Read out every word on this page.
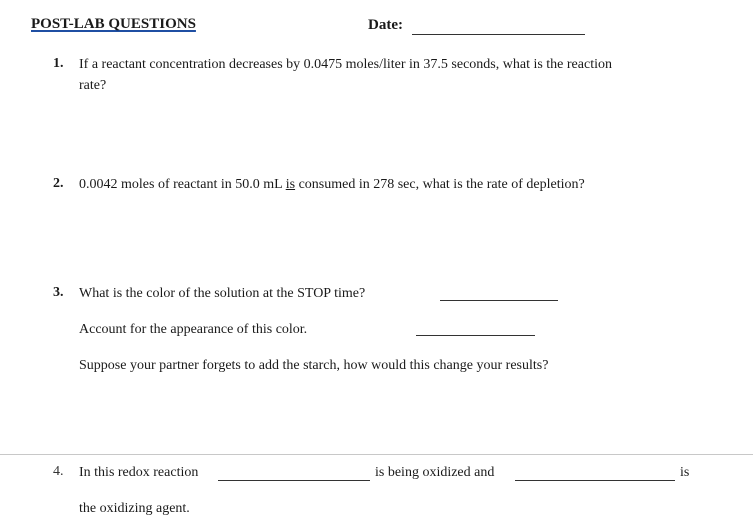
POST-LAB QUESTIONS	Date:
1. If a reactant concentration decreases by 0.0475 moles/liter in 37.5 seconds, what is the reaction
rate?
2. 0.0042 moles of reactant in 50.0 mL is consumed in 278 sec, what is the rate of depletion?
3. What is the color of the solution at the STOP time?
Account for the appearance of this color.
Suppose your partner forgets to add the starch, how would this change your results?
4. In this redox reaction	is being oxidized and	is
the oxidizing agent.
